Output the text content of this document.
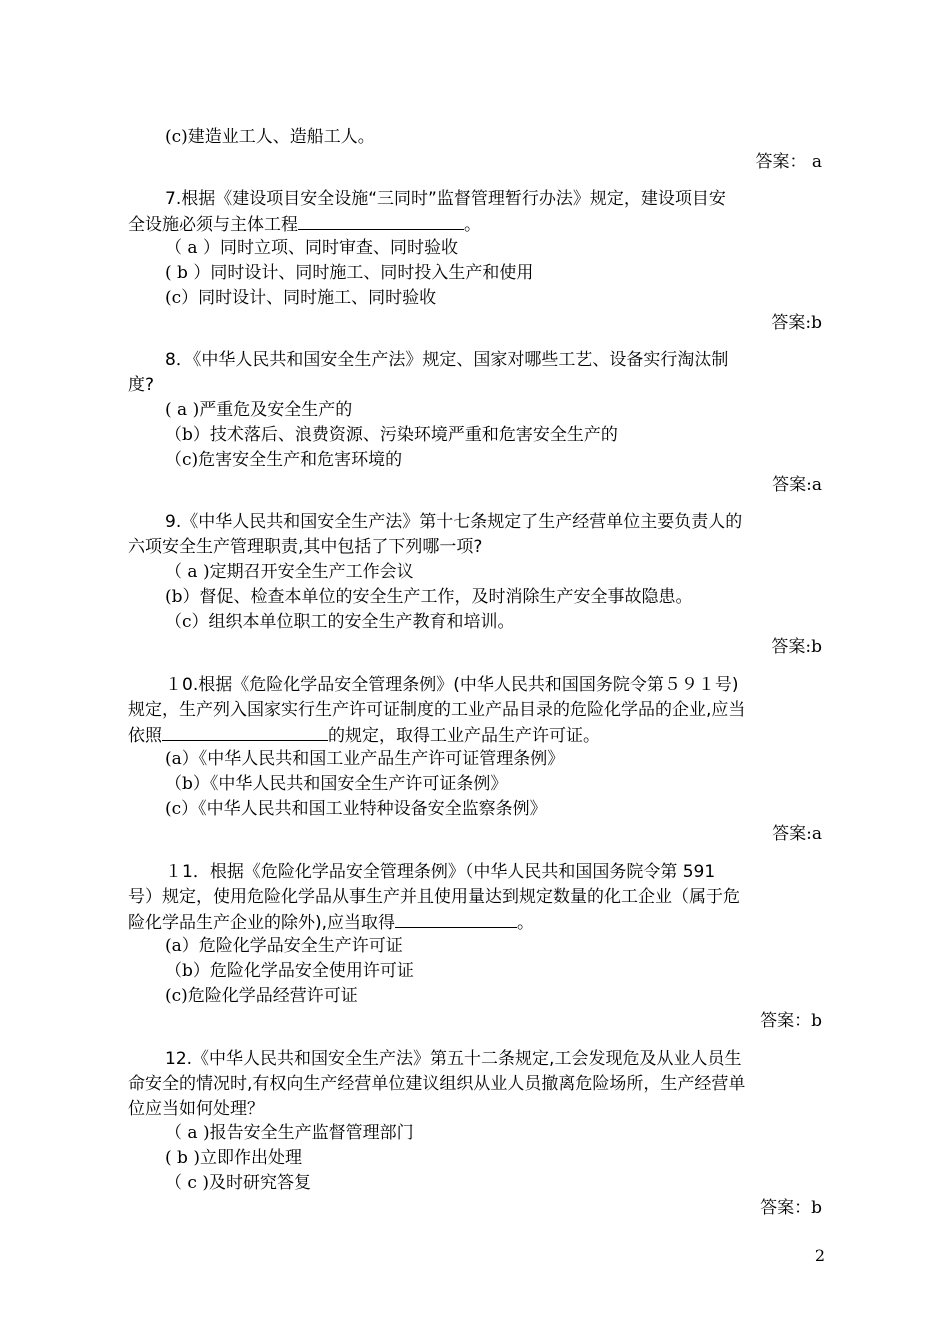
(c)建造业工人、造船工人。
答案： a
7.根据《建设项目安全设施“三同时”监督管理暂行办法》规定，建设项目安
全设施必须与主体工程	。
（ a ）同时立项、同时审查、同时验收
( b ）同时设计、同时施工、同时投入生产和使用
(c）同时设计、同时施工、同时验收
答案:b
8．《中华人民共和国安全生产法》规定、国家对哪些工艺、设备实行淘汰制
度?
( a )严重危及安全生产的
（b）技术落后、浪费资源、污染环境严重和危害安全生产的
（c)危害安全生产和危害环境的
答案:a
9.《中华人民共和国安全生产法》第十七条规定了生产经营单位主要负责人的
六项安全生产管理职责,其中包括了下列哪一项?
（ a )定期召开安全生产工作会议
(b）督促、检查本单位的安全生产工作，及时消除生产安全事故隐患。
（c）组织本单位职工的安全生产教育和培训。
答案:b
１0.根据《危险化学品安全管理条例》(中华人民共和国国务院令第５９１号)
规定，生产列入国家实行生产许可证制度的工业产品目录的危险化学品的企业,应当
依照	的规定，取得工业产品生产许可证。
(a）《中华人民共和国工业产品生产许可证管理条例》
（b）《中华人民共和国安全生产许可证条例》
(c）《中华人民共和国工业特种设备安全监察条例》
答案:a
１1．根据《危险化学品安全管理条例》（中华人民共和国国务院令第 591
号）规定，使用危险化学品从事生产并且使用量达到规定数量的化工企业（属于危
险化学品生产企业的除外),应当取得	。
(a）危险化学品安全生产许可证
（b）危险化学品安全使用许可证
(c)危险化学品经营许可证
答案：b
12.《中华人民共和国安全生产法》第五十二条规定,工会发现危及从业人员生
命安全的情况时,有权向生产经营单位建议组织从业人员撤离危险场所，生产经营单
位应当如何处理？
（ a )报告安全生产监督管理部门
( b )立即作出处理
（ c )及时研究答复
答案：b
2
